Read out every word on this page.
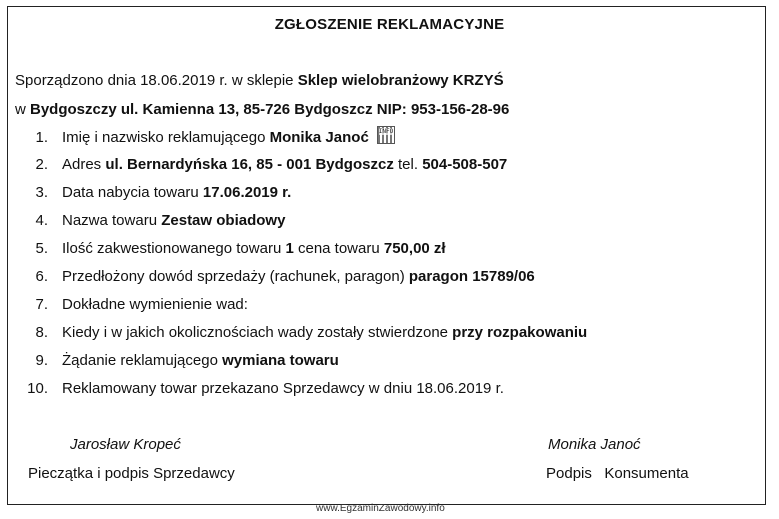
ZGŁOSZENIE REKLAMACYJNE
Sporządzono dnia 18.06.2019 r. w sklepie Sklep wielobranżowy KRZYŚ
w Bydgoszczy ul. Kamienna 13, 85-726 Bydgoszcz NIP: 953-156-28-96
1. Imię i nazwisko reklamującego Monika Janoć INFO
2. Adres ul. Bernardyńska 16, 85 - 001 Bydgoszcz tel. 504-508-507
3. Data nabycia towaru 17.06.2019 r.
4. Nazwa towaru Zestaw obiadowy
5. Ilość zakwestionowanego towaru 1 cena towaru 750,00 zł
6. Przedłożony dowód sprzedaży (rachunek, paragon) paragon 15789/06
7. Dokładne wymienienie wad:
8. Kiedy i w jakich okolicznościach wady zostały stwierdzone przy rozpakowaniu
9. Żądanie reklamującego wymiana towaru
10. Reklamowany towar przekazano Sprzedawcy w dniu 18.06.2019 r.
Jarosław Kropeć
Pieczątka i podpis Sprzedawcy
Monika Janoć
Podpis   Konsumenta
www.EgzaminZawodowy.info
